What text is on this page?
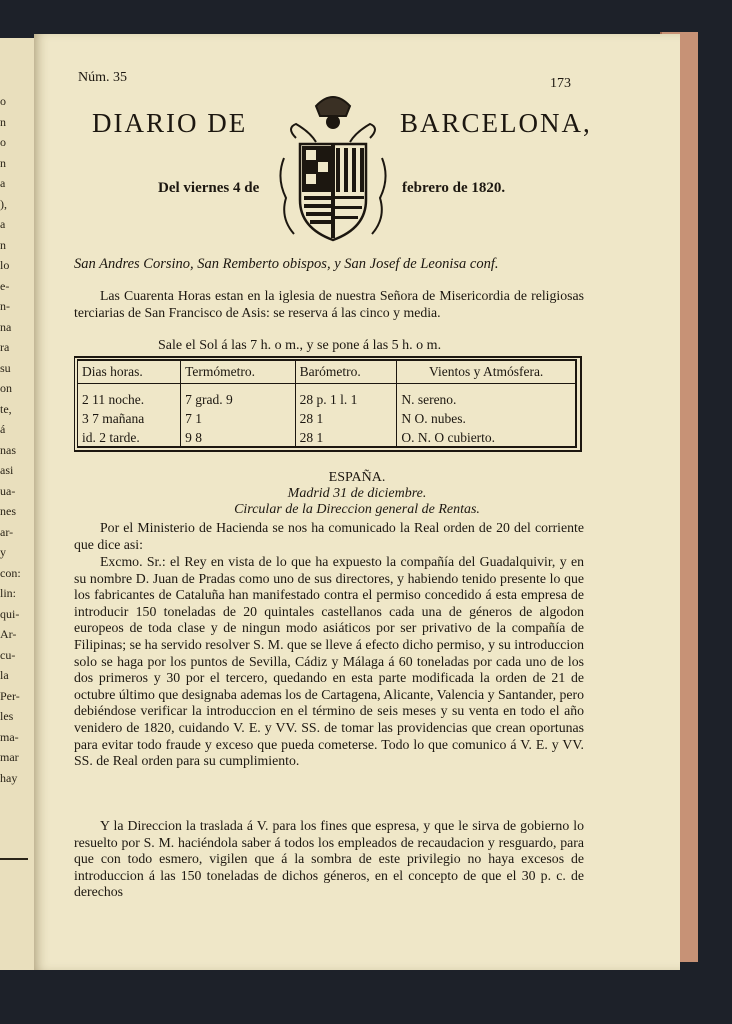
o
n
o
n
a
),
a
n
lo
e-
n-
na
ra
su
on
te,
á
nas
asi
ua-
nes
ar-
y
con:
lin:
qui-
Ar-
cu-
la
Per-
les
ma-
mar
hay
Núm. 35	173
DIARIO DE	BARCELONA,
Del viernes 4 de	febrero de 1820.
San Andres Corsino, San Remberto obispos, y San Josef de Leonisa conf.
Las Cuarenta Horas estan en la iglesia de nuestra Señora de Misericordia de religiosas terciarias de San Francisco de Asis: se reserva á las cinco y media.
Sale el Sol á las 7 h. o m., y se pone á las 5 h. o m.
Dias horas.	Termómetro.	Barómetro.	Vientos y Atmósfera.
2 11 noche.	7 grad. 9	28 p. 1 l. 1	N. sereno.
3 7 mañana	7 1	28 1	N O. nubes.
id. 2 tarde.	9 8	28 1	O. N. O cubierto.
ESPAÑA.
Madrid 31 de diciembre.
Circular de la Direccion general de Rentas.
Por el Ministerio de Hacienda se nos ha comunicado la Real orden de 20 del corriente que dice asi:
Excmo. Sr.: el Rey en vista de lo que ha expuesto la compañía del Guadalquivir, y en su nombre D. Juan de Pradas como uno de sus directores, y habiendo tenido presente lo que los fabricantes de Cataluña han manifestado contra el permiso concedido á esta empresa de introducir 150 toneladas de 20 quintales castellanos cada una de géneros de algodon europeos de toda clase y de ningun modo asiáticos por ser privativo de la compañía de Filipinas; se ha servido resolver S. M. que se lleve á efecto dicho permiso, y su introduccion solo se haga por los puntos de Sevilla, Cádiz y Málaga á 60 toneladas por cada uno de los dos primeros y 30 por el tercero, quedando en esta parte modificada la orden de 21 de octubre último que designaba ademas los de Cartagena, Alicante, Valencia y Santander, pero debiéndose verificar la introduccion en el término de seis meses y su venta en todo el año venidero de 1820, cuidando V. E. y VV. SS. de tomar las providencias que crean oportunas para evitar todo fraude y exceso que pueda cometerse. Todo lo que comunico á V. E. y VV. SS. de Real orden para su cumplimiento.
Y la Direccion la traslada á V. para los fines que espresa, y que le sirva de gobierno lo resuelto por S. M. haciéndola saber á todos los empleados de recaudacion y resguardo, para que con todo esmero, vigilen que á la sombra de este privilegio no haya excesos de introduccion á las 150 toneladas de dichos géneros, en el concepto de que el 30 p. c. de derechos
